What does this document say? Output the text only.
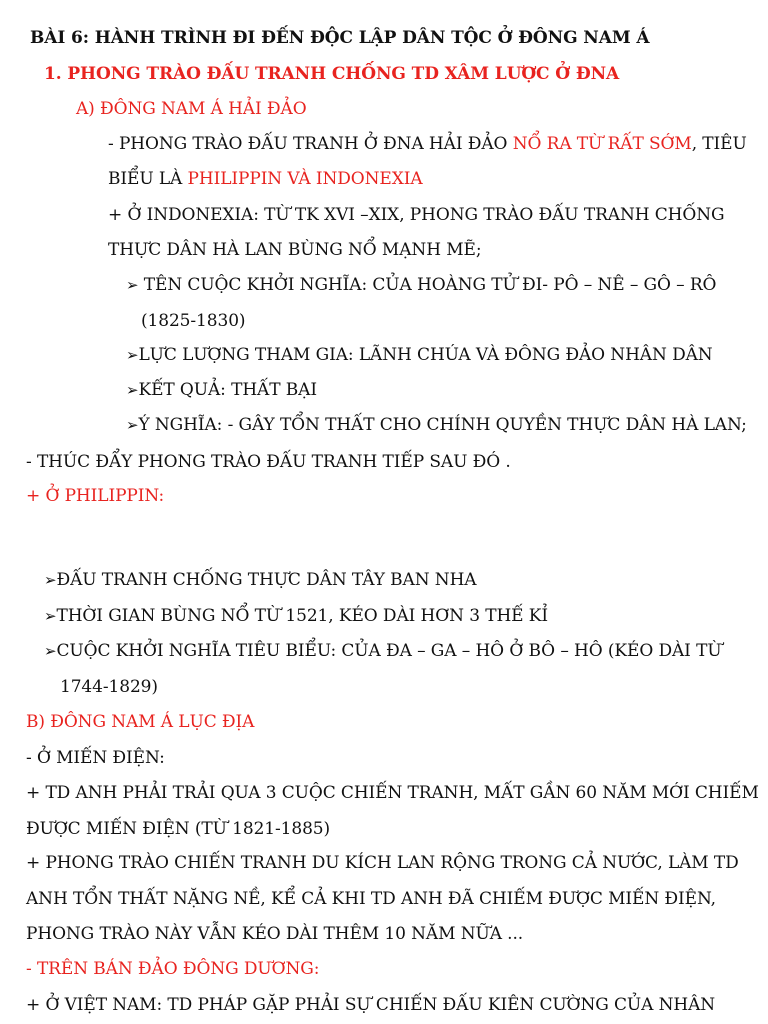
BÀI 6: HÀNH TRÌNH ĐI ĐẾN ĐỘC LẬP DÂN TỘC Ở ĐÔNG NAM Á
1. PHONG TRÀO ĐẤU TRANH CHỐNG TD XÂM LƯỢC Ở ĐNA
A) ĐÔNG NAM Á HẢI ĐẢO
- PHONG TRÀO ĐẤU TRANH Ở ĐNA HẢI ĐẢO NỔ RA TỪ RẤT SỚM, TIÊU
BIỂU LÀ PHILIPPIN VÀ INDONEXIA
+ Ở INDONEXIA: TỪ TK XVI –XIX, PHONG TRÀO ĐẤU TRANH CHỐNG
THỰC DÂN HÀ LAN BÙNG NỔ MẠNH MẼ;
➢ TÊN CUỘC KHỞI NGHĨA: CỦA HOÀNG TỬ ĐI- PÔ – NÊ – GÔ – RÔ
(1825-1830)
➢LỰC LƯỢNG THAM GIA: LÃNH CHÚA VÀ ĐÔNG ĐẢO NHÂN DÂN
➢KẾT QUẢ: THẤT BẠI
➢Ý NGHĨA: - GÂY TỔN THẤT CHO CHÍNH QUYỀN THỰC DÂN HÀ LAN;
- THÚC ĐẨY PHONG TRÀO ĐẤU TRANH TIẾP SAU ĐÓ .
+ Ở PHILIPPIN:
➢ĐẤU TRANH CHỐNG THỰC DÂN TÂY BAN NHA
➢THỜI GIAN BÙNG NỔ TỪ 1521, KÉO DÀI HƠN 3 THẾ KỈ
➢CUỘC KHỞI NGHĨA TIÊU BIỂU: CỦA ĐA – GA – HÔ Ở BÔ – HÔ (KÉO DÀI TỪ
1744-1829)
B) ĐÔNG NAM Á LỤC ĐỊA
- Ở MIẾN ĐIỆN:
+ TD ANH PHẢI TRẢI QUA 3 CUỘC CHIẾN TRANH, MẤT GẦN 60 NĂM MỚI CHIẾM
ĐƯỢC MIẾN ĐIỆN (TỪ 1821-1885)
+ PHONG TRÀO CHIẾN TRANH DU KÍCH LAN RỘNG TRONG CẢ NƯỚC, LÀM TD
ANH TỔN THẤT NẶNG NỀ, KỂ CẢ KHI TD ANH ĐÃ CHIẾM ĐƯỢC MIẾN ĐIỆN,
PHONG TRÀO NÀY VẪN KÉO DÀI THÊM 10 NĂM NỮA ...
- TRÊN BÁN ĐẢO ĐÔNG DƯƠNG:
+ Ở VIỆT NAM: TD PHÁP GẶP PHẢI SỰ CHIẾN ĐẤU KIÊN CƯỜNG CỦA NHÂN
